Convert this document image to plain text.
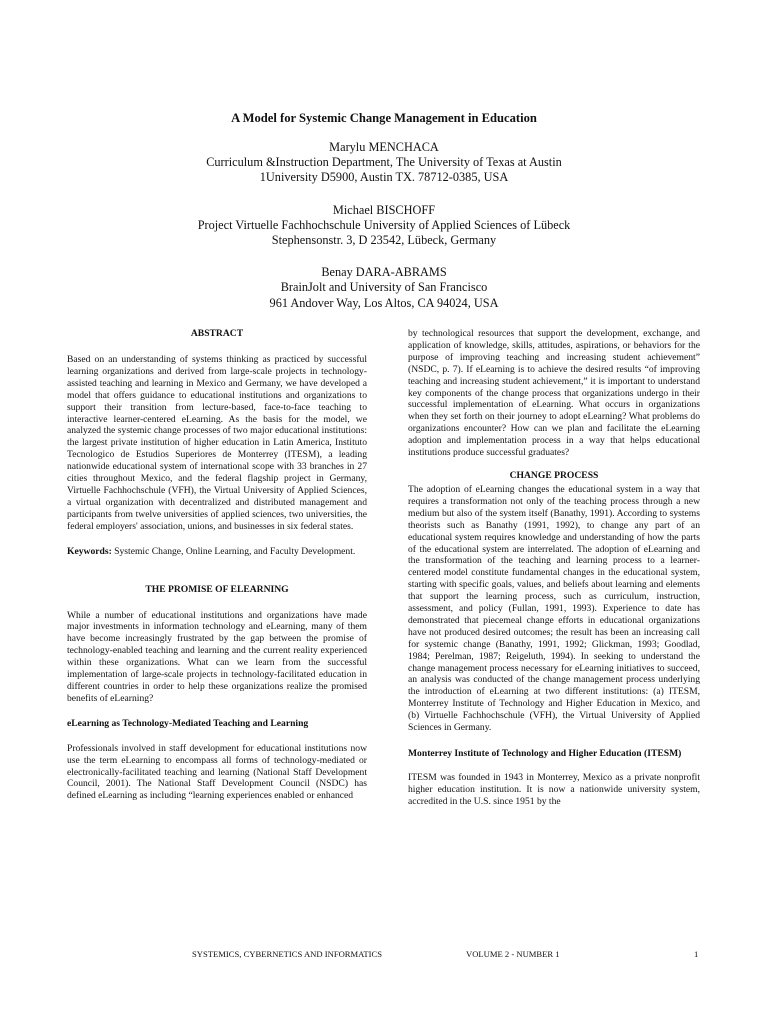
A Model for Systemic Change Management in Education
Marylu MENCHACA
Curriculum &Instruction Department, The University of Texas at Austin
1University D5900, Austin TX. 78712-0385, USA
Michael BISCHOFF
Project Virtuelle Fachhochschule University of Applied Sciences of Lübeck
Stephensonstr. 3, D 23542, Lübeck, Germany
Benay DARA-ABRAMS
BrainJolt and University of San Francisco
961 Andover Way, Los Altos, CA 94024, USA
ABSTRACT

Based on an understanding of systems thinking as practiced by successful learning organizations and derived from large-scale projects in technology-assisted teaching and learning in Mexico and Germany, we have developed a model that offers guidance to educational institutions and organizations to support their transition from lecture-based, face-to-face teaching to interactive learner-centered eLearning. As the basis for the model, we analyzed the systemic change processes of two major educational institutions: the largest private institution of higher education in Latin America, Instituto Tecnologico de Estudios Superiores de Monterrey (ITESM), a leading nationwide educational system of international scope with 33 branches in 27 cities throughout Mexico, and the federal flagship project in Germany, Virtuelle Fachhochschule (VFH), the Virtual University of Applied Sciences, a virtual organization with decentralized and distributed management and participants from twelve universities of applied sciences, two universities, the federal employers' association, unions, and businesses in six federal states.

Keywords: Systemic Change, Online Learning, and Faculty Development.

THE PROMISE OF ELEARNING

While a number of educational institutions and organizations have made major investments in information technology and eLearning, many of them have become increasingly frustrated by the gap between the promise of technology-enabled teaching and learning and the current reality experienced within these organizations. What can we learn from the successful implementation of large-scale projects in technology-facilitated education in different countries in order to help these organizations realize the promised benefits of eLearning?

eLearning as Technology-Mediated Teaching and Learning

Professionals involved in staff development for educational institutions now use the term eLearning to encompass all forms of technology-mediated or electronically-facilitated teaching and learning (National Staff Development Council, 2001). The National Staff Development Council (NSDC) has defined eLearning as including “learning experiences enabled or enhanced

by technological resources that support the development, exchange, and application of knowledge, skills, attitudes, aspirations, or behaviors for the purpose of improving teaching and increasing student achievement” (NSDC, p. 7). If eLearning is to achieve the desired results “of improving teaching and increasing student achievement,” it is important to understand key components of the change process that organizations undergo in their successful implementation of eLearning. What occurs in organizations when they set forth on their journey to adopt eLearning? What problems do organizations encounter? How can we plan and facilitate the eLearning adoption and implementation process in a way that helps educational institutions produce successful graduates?

CHANGE PROCESS

The adoption of eLearning changes the educational system in a way that requires a transformation not only of the teaching process through a new medium but also of the system itself (Banathy, 1991). According to systems theorists such as Banathy (1991, 1992), to change any part of an educational system requires knowledge and understanding of how the parts of the educational system are interrelated. The adoption of eLearning and the transformation of the teaching and learning process to a learner-centered model constitute fundamental changes in the educational system, starting with specific goals, values, and beliefs about learning and elements that support the learning process, such as curriculum, instruction, assessment, and policy (Fullan, 1991, 1993). Experience to date has demonstrated that piecemeal change efforts in educational organizations have not produced desired outcomes; the result has been an increasing call for systemic change (Banathy, 1991, 1992; Glickman, 1993; Goodlad, 1984; Perelman, 1987; Reigeluth, 1994). In seeking to understand the change management process necessary for eLearning initiatives to succeed, an analysis was conducted of the change management process underlying the introduction of eLearning at two different institutions: (a) ITESM, Monterrey Institute of Technology and Higher Education in Mexico, and (b) Virtuelle Fachhochschule (VFH), the Virtual University of Applied Sciences in Germany.

Monterrey Institute of Technology and Higher Education (ITESM)

ITESM was founded in 1943 in Monterrey, Mexico as a private nonprofit higher education institution. It is now a nationwide university system, accredited in the U.S. since 1951 by the

SYSTEMICS, CYBERNETICS AND INFORMATICS	VOLUME 2 - NUMBER 1	1
